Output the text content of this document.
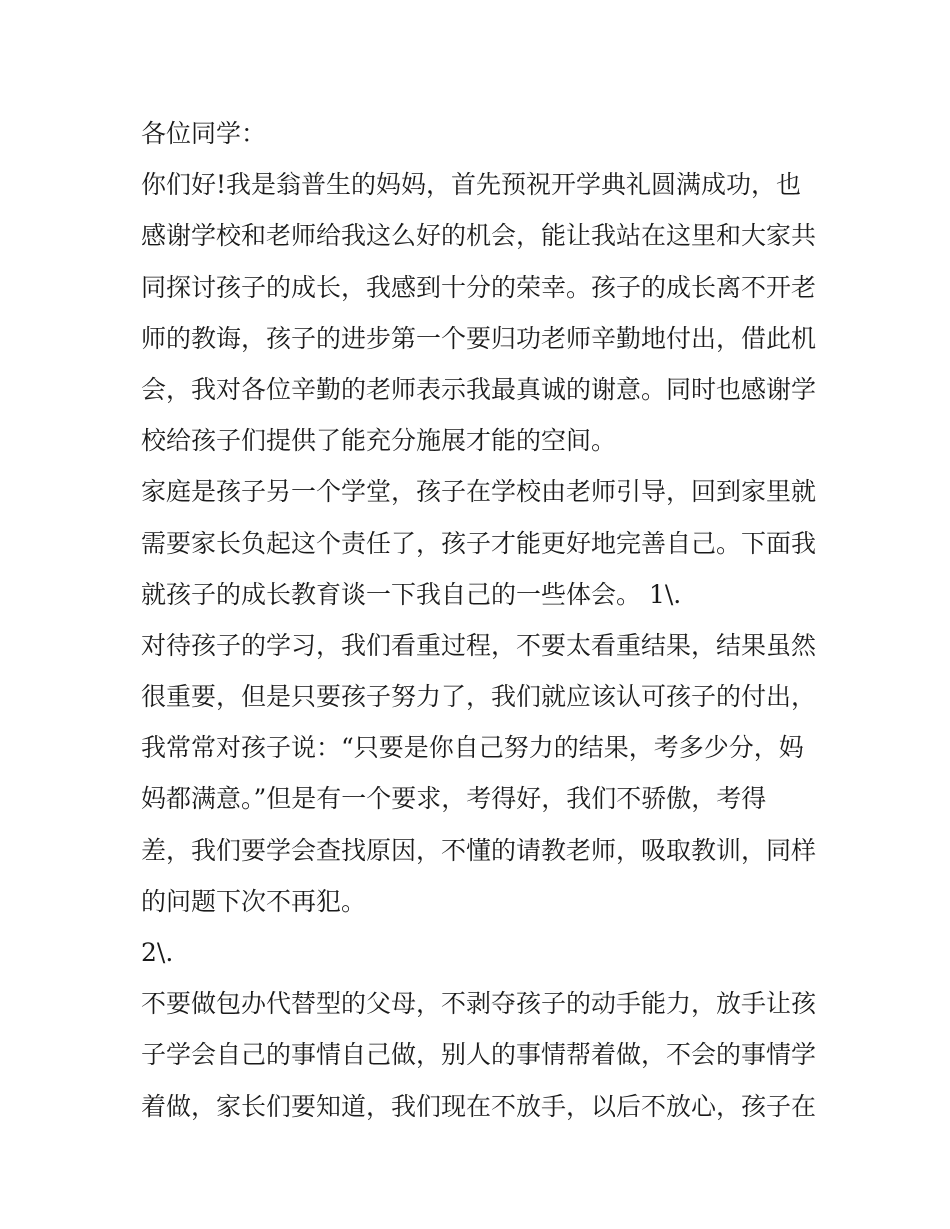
各位同学：
你们好!我是翁普生的妈妈，首先预祝开学典礼圆满成功，也
感谢学校和老师给我这么好的机会，能让我站在这里和大家共
同探讨孩子的成长，我感到十分的荣幸。孩子的成长离不开老
师的教诲，孩子的进步第一个要归功老师辛勤地付出，借此机
会，我对各位辛勤的老师表示我最真诚的谢意。同时也感谢学
校给孩子们提供了能充分施展才能的空间。
家庭是孩子另一个学堂，孩子在学校由老师引导，回到家里就
需要家长负起这个责任了，孩子才能更好地完善自己。下面我
就孩子的成长教育谈一下我自己的一些体会。 1\.
对待孩子的学习，我们看重过程，不要太看重结果，结果虽然
很重要，但是只要孩子努力了，我们就应该认可孩子的付出，
我常常对孩子说：“只要是你自己努力的结果，考多少分，妈
妈都满意。”但是有一个要求，考得好，我们不骄傲，考得
差，我们要学会查找原因，不懂的请教老师，吸取教训，同样
的问题下次不再犯。
2\.
不要做包办代替型的父母，不剥夺孩子的动手能力，放手让孩
子学会自己的事情自己做，别人的事情帮着做，不会的事情学
着做，家长们要知道，我们现在不放手，以后不放心，孩子在
